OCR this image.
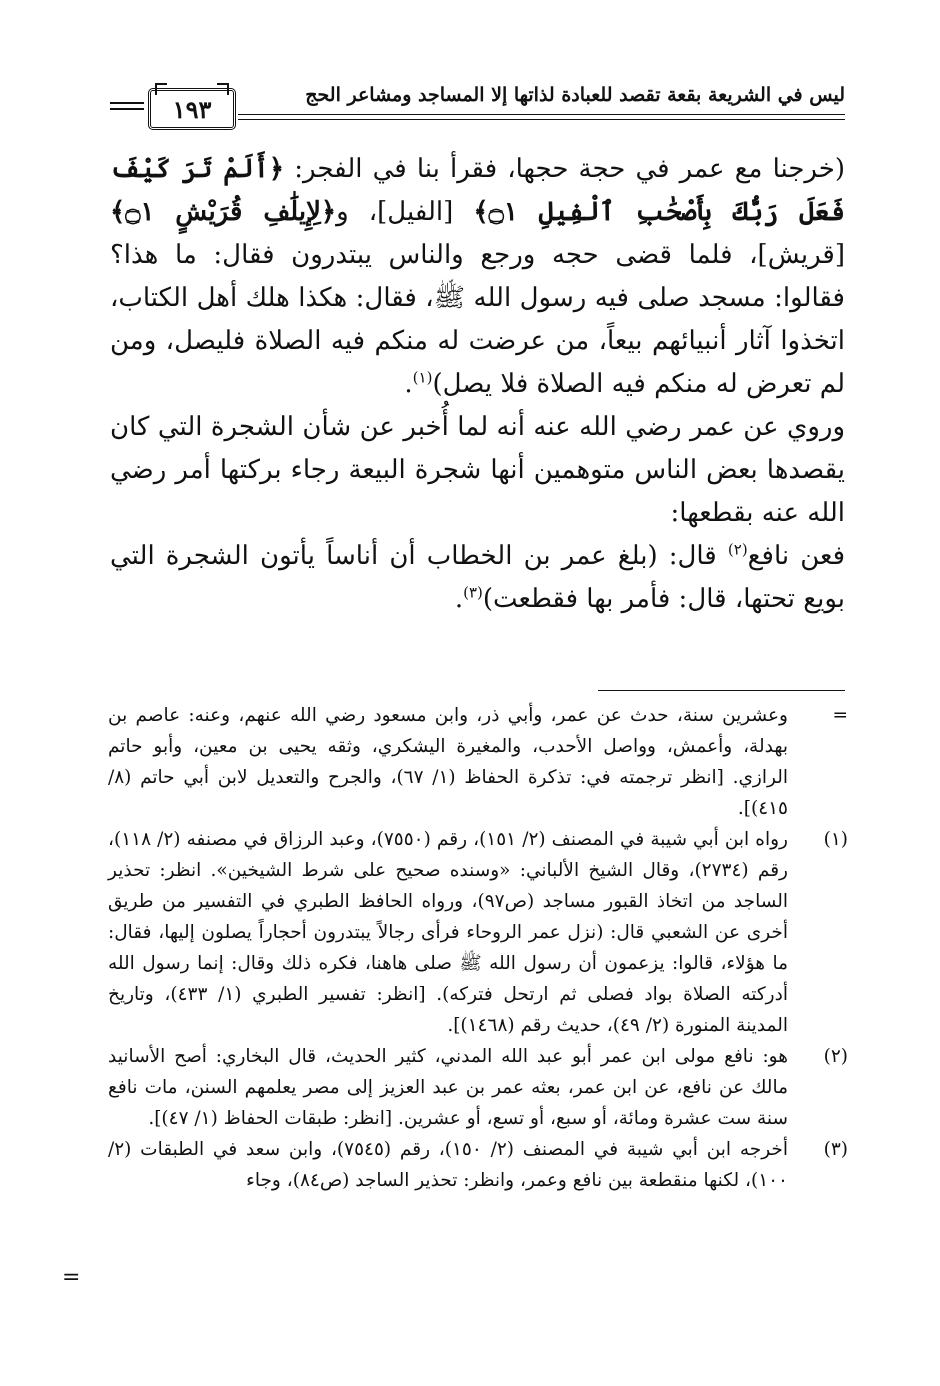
١٩٣	ليس في الشريعة بقعة تقصد للعبادة لذاتها إلا المساجد ومشاعر الحج

(خرجنا مع عمر في حجة حجها، فقرأ بنا في الفجر: ﴿أَلَمْ تَرَ كَيْفَ فَعَلَ رَبُّكَ بِأَصْحَٰبِ ٱلْفِيلِ ۝١﴾ [الفيل]، و﴿لِإِيلَٰفِ قُرَيْشٍ ۝١﴾ [قريش]، فلما قضى حجه ورجع والناس يبتدرون فقال: ما هذا؟ فقالوا: مسجد صلى فيه رسول الله ﷺ، فقال: هكذا هلك أهل الكتاب، اتخذوا آثار أنبيائهم بيعاً، من عرضت له منكم فيه الصلاة فليصل، ومن لم تعرض له منكم فيه الصلاة فلا يصل)$^{(١)}$.

وروي عن عمر رضي الله عنه أنه لما أُخبر عن شأن الشجرة التي كان يقصدها بعض الناس متوهمين أنها شجرة البيعة رجاء بركتها أمر رضي الله عنه بقطعها:

فعن نافع$^{(٢)}$ قال: (بلغ عمر بن الخطاب أن أناساً يأتون الشجرة التي بويع تحتها، قال: فأمر بها فقطعت)$^{(٣)}$.

=
وعشرين سنة، حدث عن عمر، وأبي ذر، وابن مسعود رضي الله عنهم، وعنه: عاصم بن بهدلة، وأعمش، وواصل الأحدب، والمغيرة اليشكري، وثقه يحيى بن معين، وأبو حاتم الرازي. [انظر ترجمته في: تذكرة الحفاظ (١/ ٦٧)، والجرح والتعديل لابن أبي حاتم (٨/ ٤١٥)].
(١)
رواه ابن أبي شيبة في المصنف (٢/ ١٥١)، رقم (٧٥٥٠)، وعبد الرزاق في مصنفه (٢/ ١١٨)، رقم (٢٧٣٤)، وقال الشيخ الألباني: «وسنده صحيح على شرط الشيخين». انظر: تحذير الساجد من اتخاذ القبور مساجد (ص٩٧)، ورواه الحافظ الطبري في التفسير من طريق أخرى عن الشعبي قال: (نزل عمر الروحاء فرأى رجالاً يبتدرون أحجاراً يصلون إليها، فقال: ما هؤلاء، قالوا: يزعمون أن رسول الله ﷺ صلى هاهنا، فكره ذلك وقال: إنما رسول الله أدركته الصلاة بواد فصلى ثم ارتحل فتركه). [انظر: تفسير الطبري (١/ ٤٣٣)، وتاريخ المدينة المنورة (٢/ ٤٩)، حديث رقم (١٤٦٨)].
(٢)
هو: نافع مولى ابن عمر أبو عبد الله المدني، كثير الحديث، قال البخاري: أصح الأسانيد مالك عن نافع، عن ابن عمر، بعثه عمر بن عبد العزيز إلى مصر يعلمهم السنن، مات نافع سنة ست عشرة ومائة، أو سبع، أو تسع، أو عشرين. [انظر: طبقات الحفاظ (١/ ٤٧)].
(٣)
أخرجه ابن أبي شيبة في المصنف (٢/ ١٥٠)، رقم (٧٥٤٥)، وابن سعد في الطبقات (٢/ ١٠٠)، لكنها منقطعة بين نافع وعمر، وانظر: تحذير الساجد (ص٨٤)، وجاء
=
